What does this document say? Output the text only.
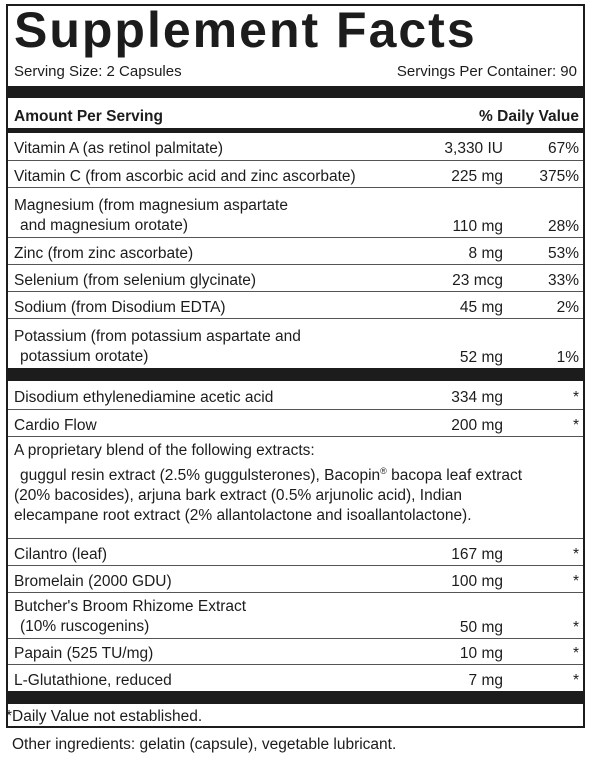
Supplement Facts
Serving Size: 2 Capsules	Servings Per Container: 90
Amount Per Serving	% Daily Value
Vitamin A (as retinol palmitate)	3,330 IU	67%
Vitamin C (from ascorbic acid and zinc ascorbate)	225 mg	375%
Magnesium (from magnesium aspartate
and magnesium orotate)	110 mg	28%
Zinc (from zinc ascorbate)	8 mg	53%
Selenium (from selenium glycinate)	23 mcg	33%
Sodium (from Disodium EDTA)	45 mg	2%
Potassium (from potassium aspartate and
potassium orotate)	52 mg	1%
Disodium ethylenediamine acetic acid	334 mg	*
Cardio Flow	200 mg	*
A proprietary blend of the following extracts:
guggul resin extract (2.5% guggulsterones), Bacopin® bacopa leaf extract
(20% bacosides), arjuna bark extract (0.5% arjunolic acid), Indian
elecampane root extract (2% allantolactone and isoallantolactone).
Cilantro (leaf)	167 mg	*
Bromelain (2000 GDU)	100 mg	*
Butcher's Broom Rhizome Extract
(10% ruscogenins)	50 mg	*
Papain (525 TU/mg)	10 mg	*
L-Glutathione, reduced	7 mg	*
*Daily Value not established.
Other ingredients: gelatin (capsule), vegetable lubricant.
